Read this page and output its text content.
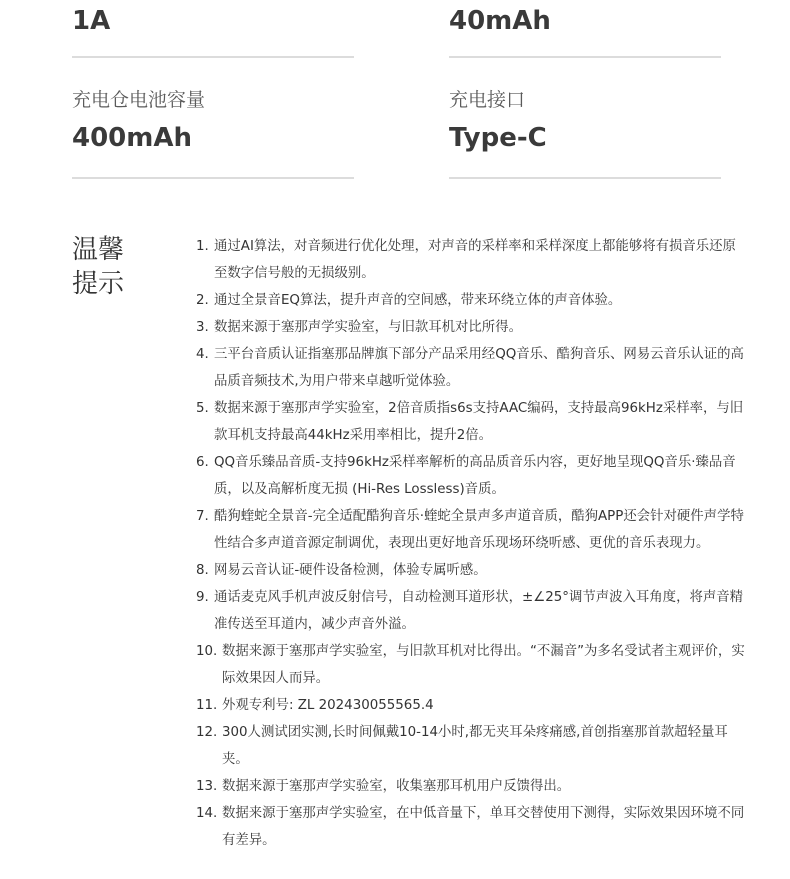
1A	40mAh
充电仓电池容量
400mAh
充电接口
Type-C
温馨提示
1. 通过AI算法，对音频进行优化处理，对声音的采样率和采样深度上都能够将有损音乐还原至数字信号般的无损级别。
2. 通过全景音EQ算法，提升声音的空间感，带来环绕立体的声音体验。
3. 数据来源于塞那声学实验室，与旧款耳机对比所得。
4. 三平台音质认证指塞那品牌旗下部分产品采用经QQ音乐、酷狗音乐、网易云音乐认证的高品质音频技术,为用户带来卓越听觉体验。
5. 数据来源于塞那声学实验室，2倍音质指s6s支持AAC编码，支持最高96kHz采样率，与旧款耳机支持最高44kHz采用率相比，提升2倍。
6. QQ音乐臻品音质-支持96kHz采样率解析的高品质音乐内容，更好地呈现QQ音乐·臻品音质，以及高解析度无损 (Hi-Res Lossless)音质。
7. 酷狗蝰蛇全景音-完全适配酷狗音乐·蝰蛇全景声多声道音质，酷狗APP还会针对硬件声学特性结合多声道音源定制调优，表现出更好地音乐现场环绕听感、更优的音乐表现力。
8. 网易云音认证-硬件设备检测，体验专属听感。
9. 通话麦克风手机声波反射信号，自动检测耳道形状，±∠25°调节声波入耳角度，将声音精准传送至耳道内，减少声音外溢。
10. 数据来源于塞那声学实验室，与旧款耳机对比得出。“不漏音”为多名受试者主观评价，实际效果因人而异。
11. 外观专利号: ZL 202430055565.4
12. 300人测试团实测,长时间佩戴10-14小时,都无夹耳朵疼痛感,首创指塞那首款超轻量耳夹。
13. 数据来源于塞那声学实验室，收集塞那耳机用户反馈得出。
14. 数据来源于塞那声学实验室，在中低音量下，单耳交替使用下测得，实际效果因环境不同有差异。
